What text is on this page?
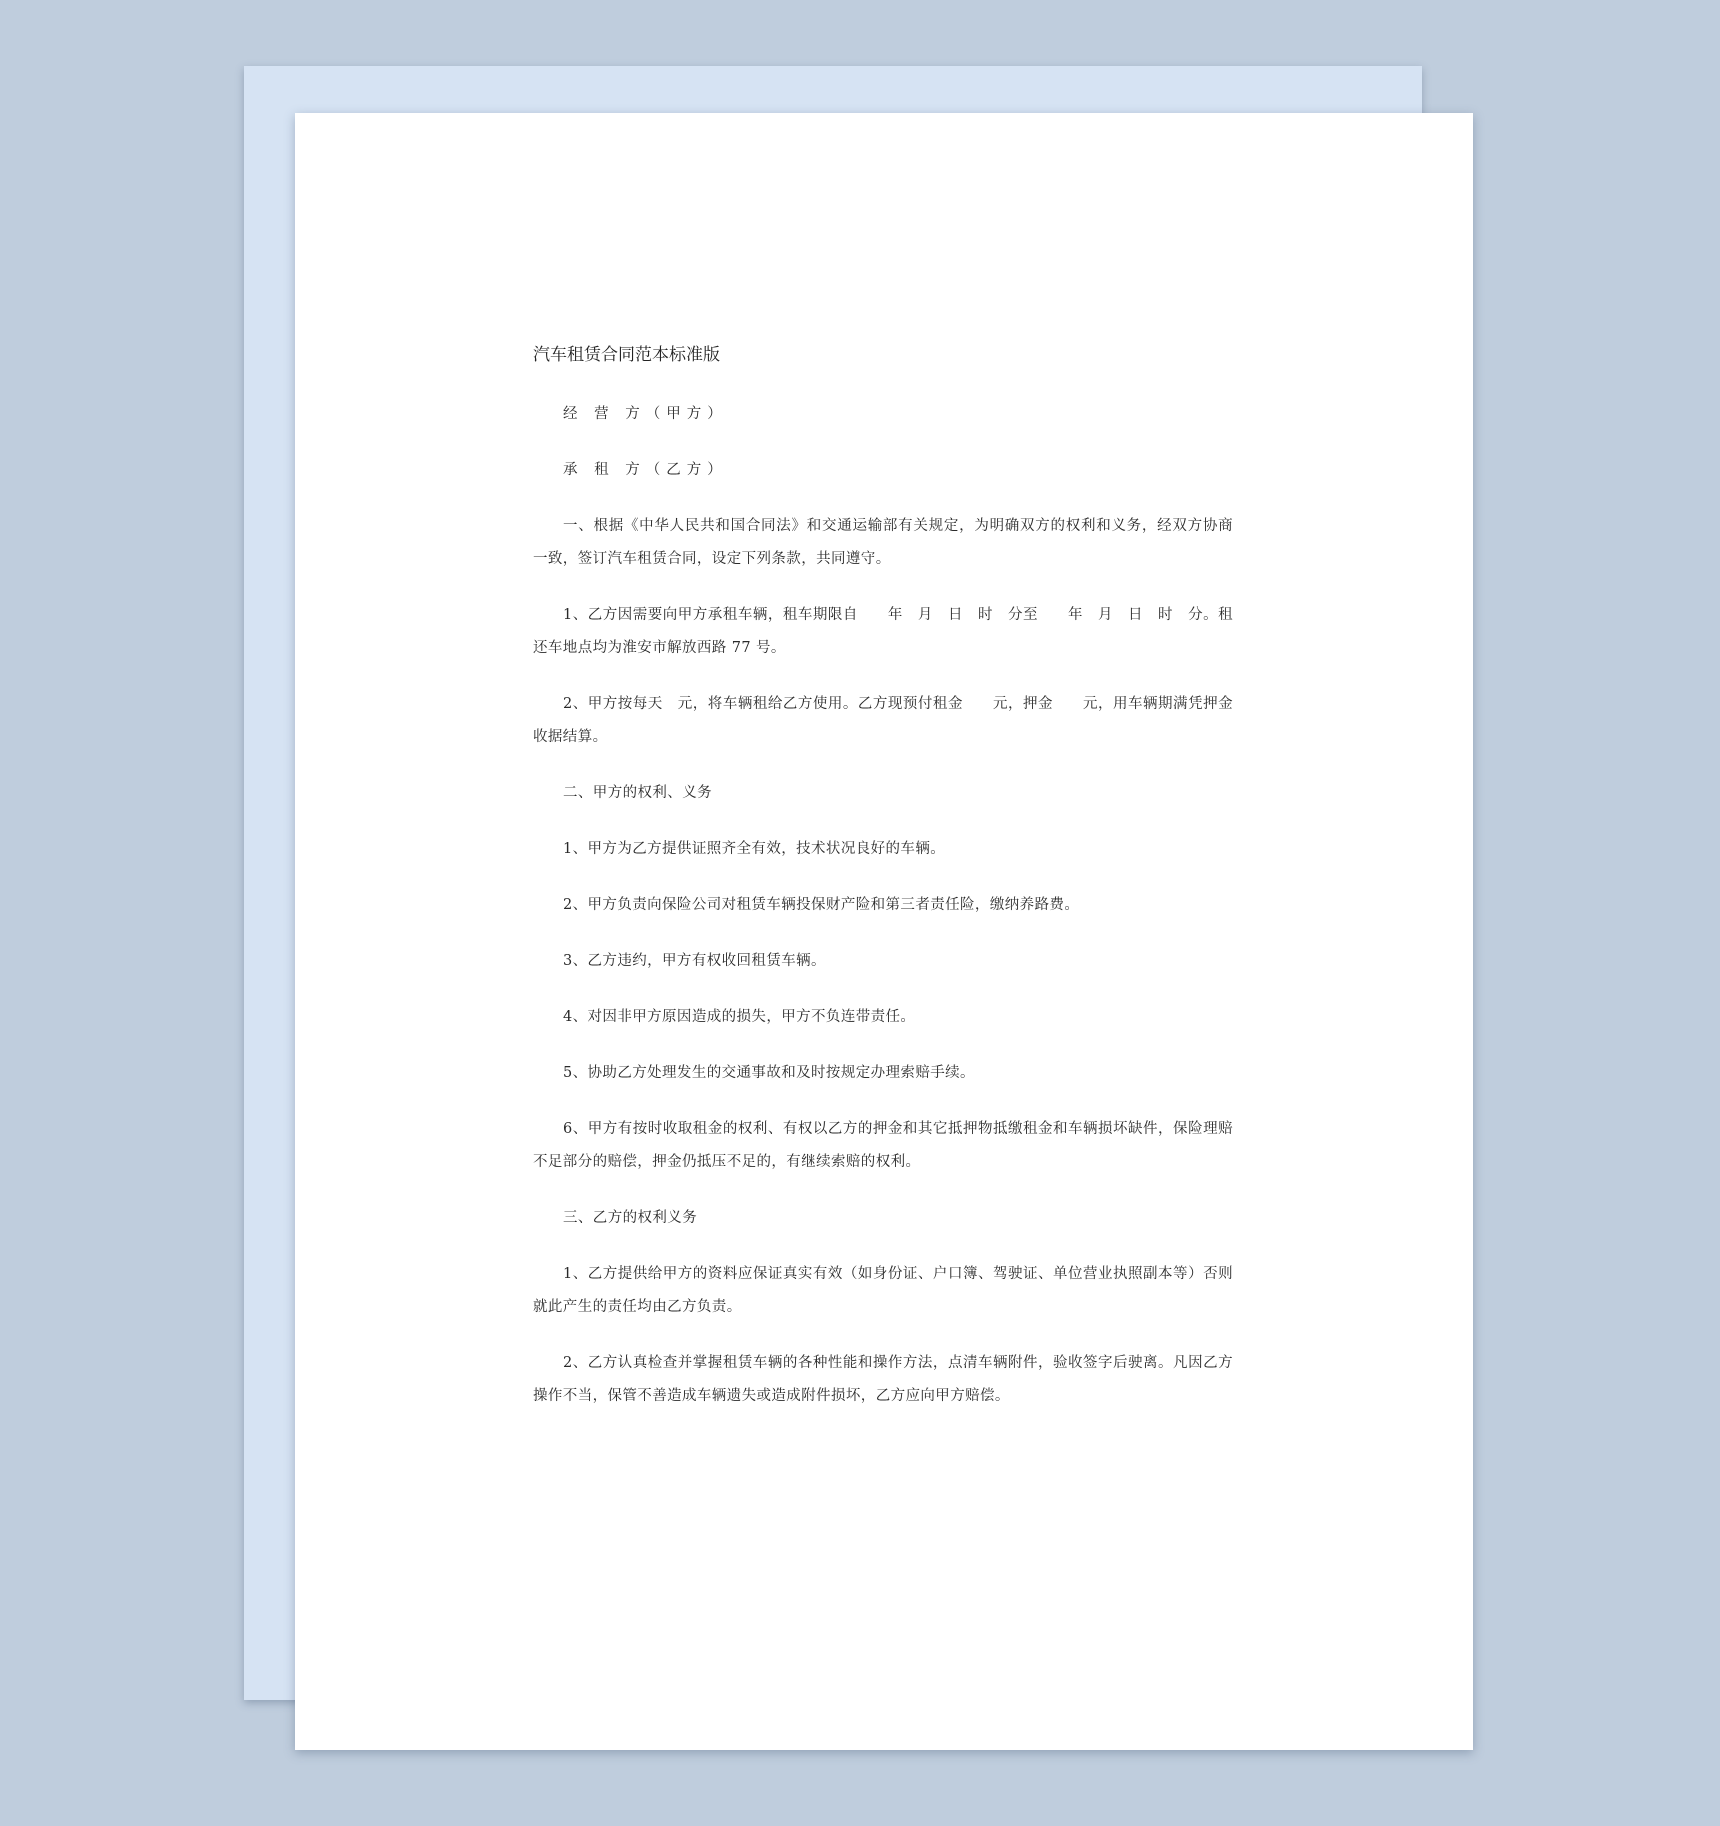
汽车租赁合同范本标准版

经 营 方（甲方）

承 租 方（乙方）

一、根据《中华人民共和国合同法》和交通运输部有关规定，为明确双方的权利和义务，经双方协商一致，签订汽车租赁合同，设定下列条款，共同遵守。

1、乙方因需要向甲方承租车辆，租车期限自　　年　月　日　时　分至　　年　月　日　时　分。租还车地点均为淮安市解放西路 77 号。

2、甲方按每天　元，将车辆租给乙方使用。乙方现预付租金　　元，押金　　元，用车辆期满凭押金收据结算。

二、甲方的权利、义务

1、甲方为乙方提供证照齐全有效，技术状况良好的车辆。

2、甲方负责向保险公司对租赁车辆投保财产险和第三者责任险，缴纳养路费。

3、乙方违约，甲方有权收回租赁车辆。

4、对因非甲方原因造成的损失，甲方不负连带责任。

5、协助乙方处理发生的交通事故和及时按规定办理索赔手续。

6、甲方有按时收取租金的权利、有权以乙方的押金和其它抵押物抵缴租金和车辆损坏缺件，保险理赔不足部分的赔偿，押金仍抵压不足的，有继续索赔的权利。

三、乙方的权利义务

1、乙方提供给甲方的资料应保证真实有效（如身份证、户口簿、驾驶证、单位营业执照副本等）否则就此产生的责任均由乙方负责。

2、乙方认真检查并掌握租赁车辆的各种性能和操作方法，点清车辆附件，验收签字后驶离。凡因乙方操作不当，保管不善造成车辆遗失或造成附件损坏，乙方应向甲方赔偿。
